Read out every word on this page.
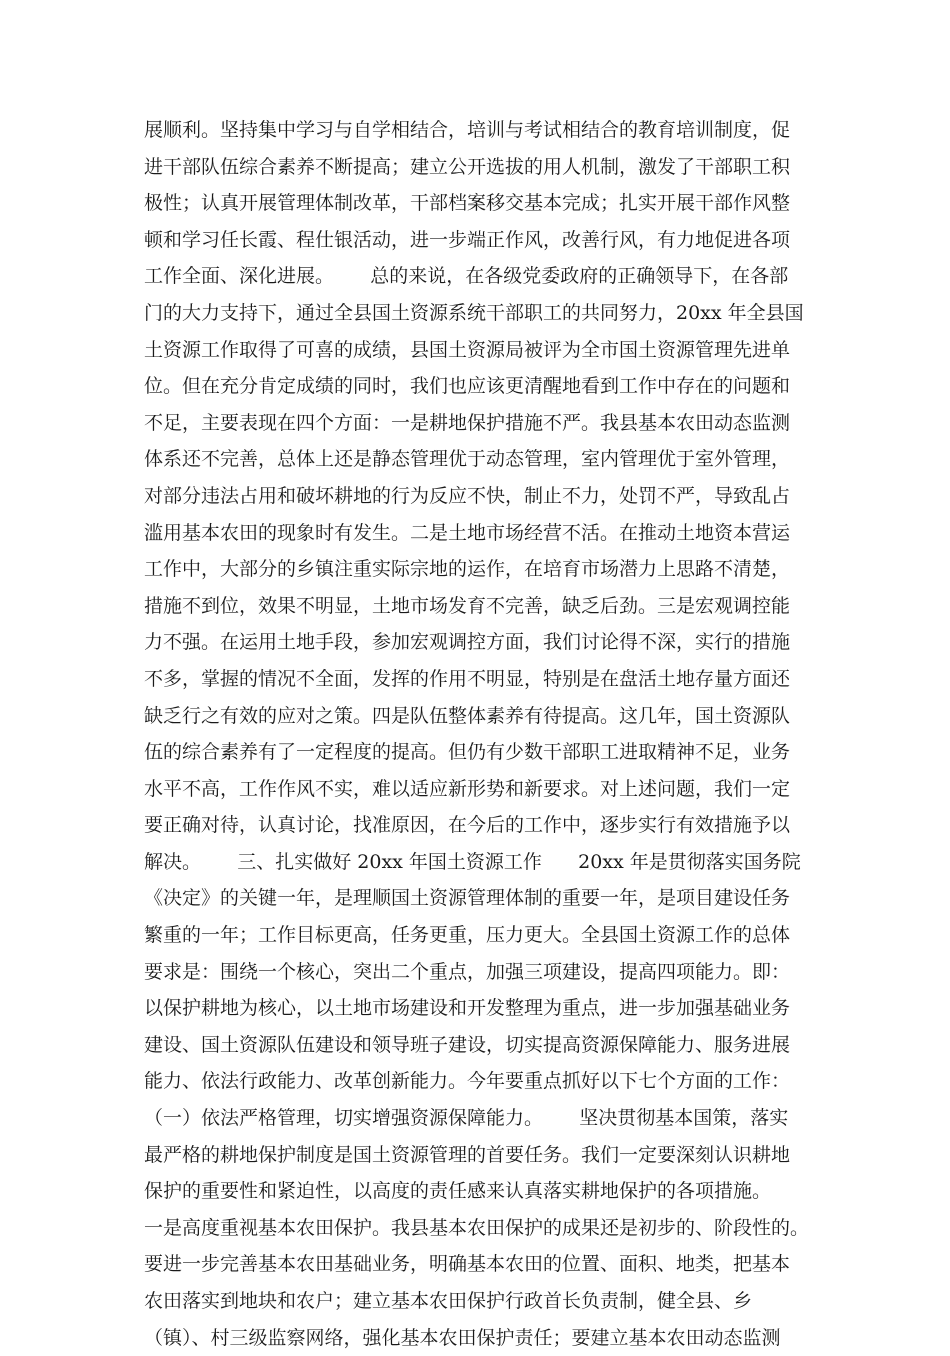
展顺利。坚持集中学习与自学相结合，培训与考试相结合的教育培训制度，促
进干部队伍综合素养不断提高；建立公开选拔的用人机制，激发了干部职工积
极性；认真开展管理体制改革，干部档案移交基本完成；扎实开展干部作风整
顿和学习任长霞、程仕银活动，进一步端正作风，改善行风，有力地促进各项
工作全面、深化进展。      总的来说，在各级党委政府的正确领导下，在各部
门的大力支持下，通过全县国土资源系统干部职工的共同努力，20xx 年全县国
土资源工作取得了可喜的成绩，县国土资源局被评为全市国土资源管理先进单
位。但在充分肯定成绩的同时，我们也应该更清醒地看到工作中存在的问题和
不足，主要表现在四个方面：一是耕地保护措施不严。我县基本农田动态监测
体系还不完善，总体上还是静态管理优于动态管理，室内管理优于室外管理，
对部分违法占用和破坏耕地的行为反应不快，制止不力，处罚不严，导致乱占
滥用基本农田的现象时有发生。二是土地市场经营不活。在推动土地资本营运
工作中，大部分的乡镇注重实际宗地的运作，在培育市场潜力上思路不清楚，
措施不到位，效果不明显，土地市场发育不完善，缺乏后劲。三是宏观调控能
力不强。在运用土地手段，参加宏观调控方面，我们讨论得不深，实行的措施
不多，掌握的情况不全面，发挥的作用不明显，特别是在盘活土地存量方面还
缺乏行之有效的应对之策。四是队伍整体素养有待提高。这几年，国土资源队
伍的综合素养有了一定程度的提高。但仍有少数干部职工进取精神不足，业务
水平不高，工作作风不实，难以适应新形势和新要求。对上述问题，我们一定
要正确对待，认真讨论，找准原因，在今后的工作中，逐步实行有效措施予以
解决。      三、扎实做好 20xx 年国土资源工作      20xx 年是贯彻落实国务院
《决定》的关键一年，是理顺国土资源管理体制的重要一年，是项目建设任务
繁重的一年；工作目标更高，任务更重，压力更大。全县国土资源工作的总体
要求是：围绕一个核心，突出二个重点，加强三项建设，提高四项能力。即：
以保护耕地为核心，以土地市场建设和开发整理为重点，进一步加强基础业务
建设、国土资源队伍建设和领导班子建设，切实提高资源保障能力、服务进展
能力、依法行政能力、改革创新能力。今年要重点抓好以下七个方面的工作：
（一）依法严格管理，切实增强资源保障能力。      坚决贯彻基本国策，落实
最严格的耕地保护制度是国土资源管理的首要任务。我们一定要深刻认识耕地
保护的重要性和紧迫性，以高度的责任感来认真落实耕地保护的各项措施。
一是高度重视基本农田保护。我县基本农田保护的成果还是初步的、阶段性的。
要进一步完善基本农田基础业务，明确基本农田的位置、面积、地类，把基本
农田落实到地块和农户；建立基本农田保护行政首长负责制，健全县、乡
（镇）、村三级监察网络，强化基本农田保护责任；要建立基本农田动态监测
